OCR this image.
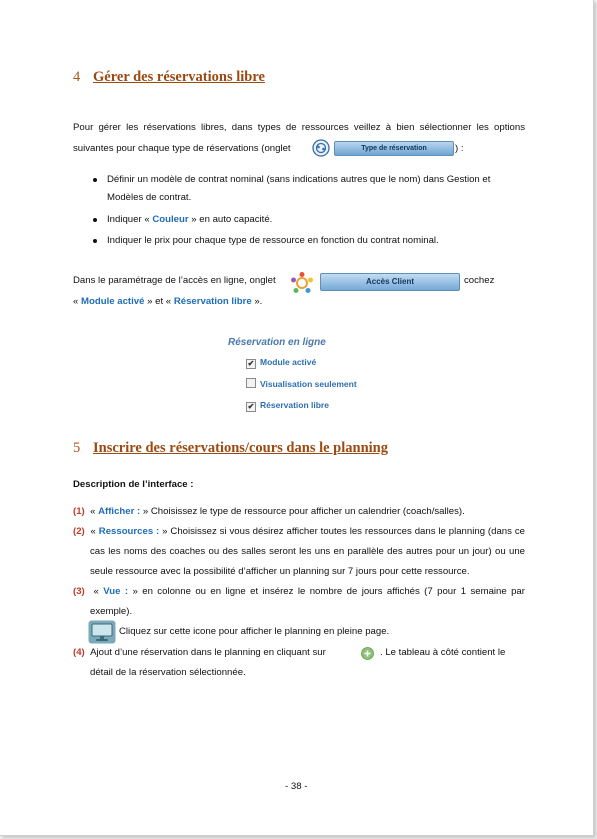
4 Gérer des réservations libre
Pour gérer les réservations libres, dans types de ressources veillez à bien sélectionner les options
suivantes pour chaque type de réservations (onglet	Type de réservation	) :
Définir un modèle de contrat nominal (sans indications autres que le nom) dans Gestion et
Modèles de contrat.
Indiquer « Couleur » en auto capacité.
Indiquer le prix pour chaque type de ressource en fonction du contrat nominal.
Dans le paramétrage de l’accès en ligne, onglet	Accès Client	cochez
« Module activé » et « Réservation libre ».
Réservation en ligne
✔ Module activé
Visualisation seulement
✔ Réservation libre
5 Inscrire des réservations/cours dans le planning
Description de l’interface :
(1) « Afficher : » Choisissez le type de ressource pour afficher un calendrier (coach/salles).
(2) « Ressources : » Choisissez si vous désirez afficher toutes les ressources dans le planning (dans ce
cas les noms des coaches ou des salles seront les uns en parallèle des autres pour un jour) ou une
seule ressource avec la possibilité d’afficher un planning sur 7 jours pour cette ressource.
(3) « Vue : » en colonne ou en ligne et insérez le nombre de jours affichés (7 pour 1 semaine par
exemple).
Cliquez sur cette icone pour afficher le planning en pleine page.
(4) Ajout d’une réservation dans le planning en cliquant sur	. Le tableau à côté contient le
détail de la réservation sélectionnée.
- 38 -
